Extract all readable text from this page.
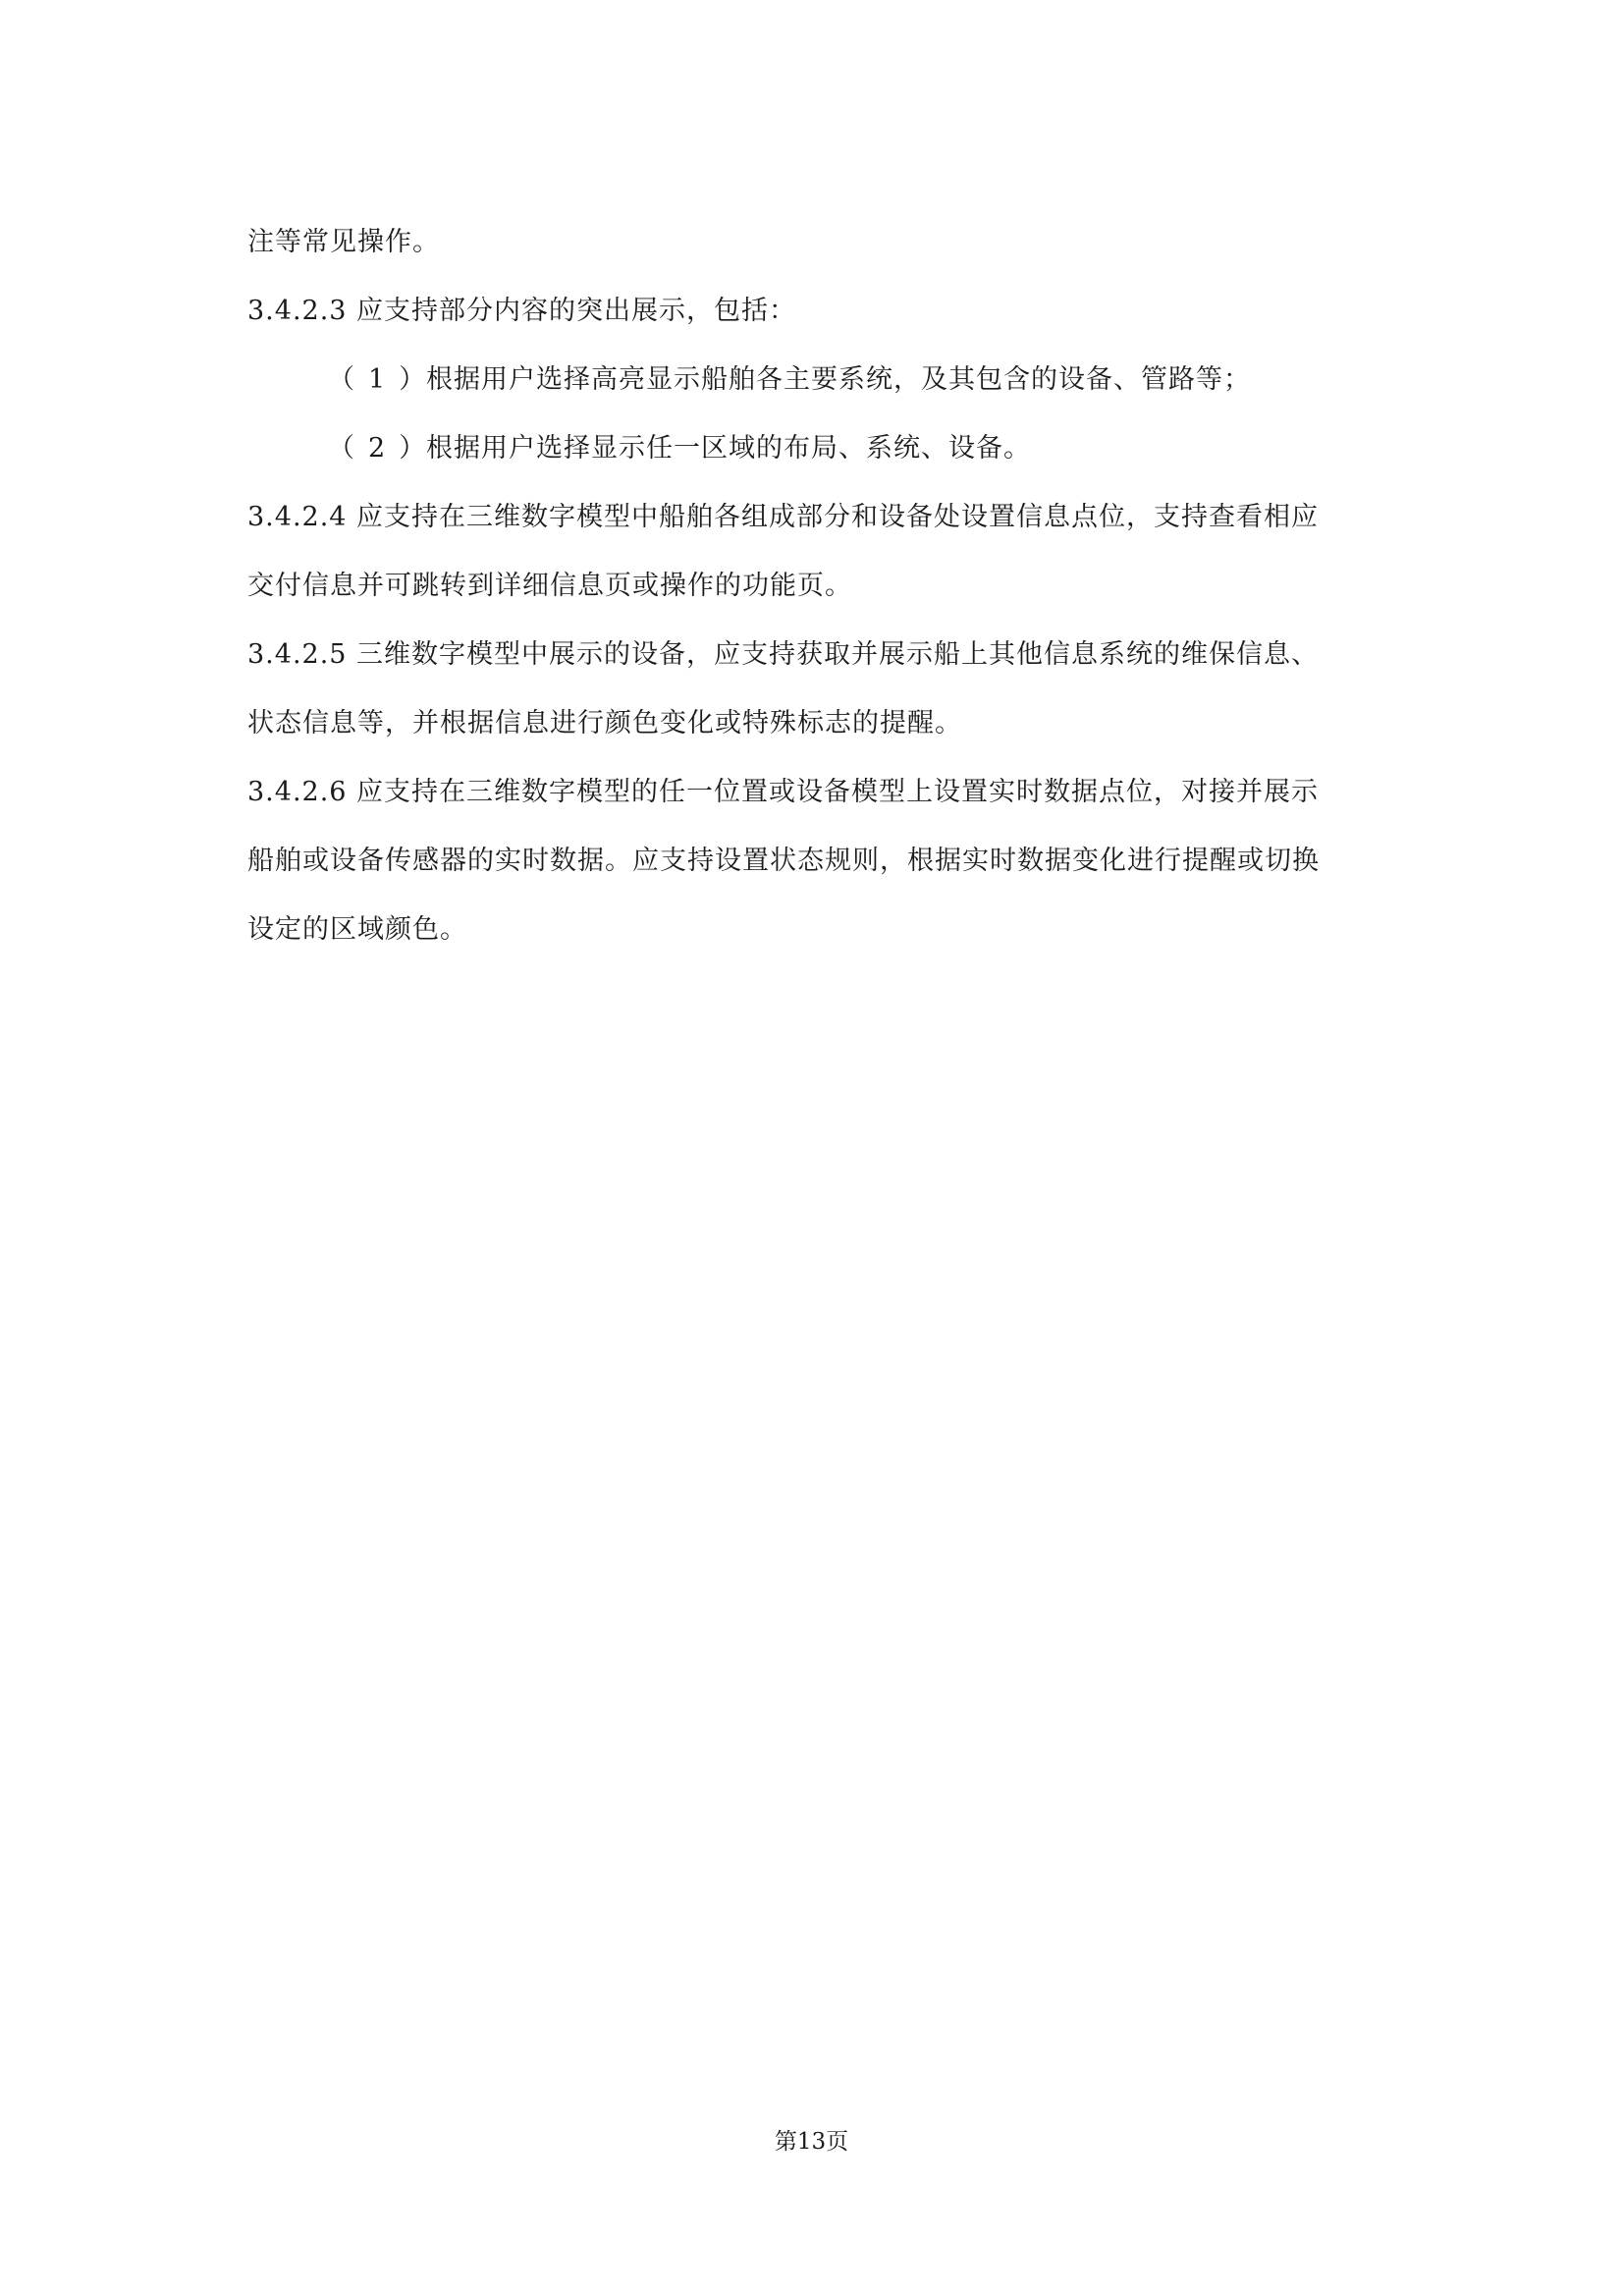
注等常见操作。
3.4.2.3 应支持部分内容的突出展示，包括：
（1）根据用户选择高亮显示船舶各主要系统，及其包含的设备、管路等；
（2）根据用户选择显示任一区域的布局、系统、设备。
3.4.2.4 应支持在三维数字模型中船舶各组成部分和设备处设置信息点位，支持查看相应
交付信息并可跳转到详细信息页或操作的功能页。
3.4.2.5 三维数字模型中展示的设备，应支持获取并展示船上其他信息系统的维保信息、
状态信息等，并根据信息进行颜色变化或特殊标志的提醒。
3.4.2.6 应支持在三维数字模型的任一位置或设备模型上设置实时数据点位，对接并展示
船舶或设备传感器的实时数据。应支持设置状态规则，根据实时数据变化进行提醒或切换
设定的区域颜色。
第13页
